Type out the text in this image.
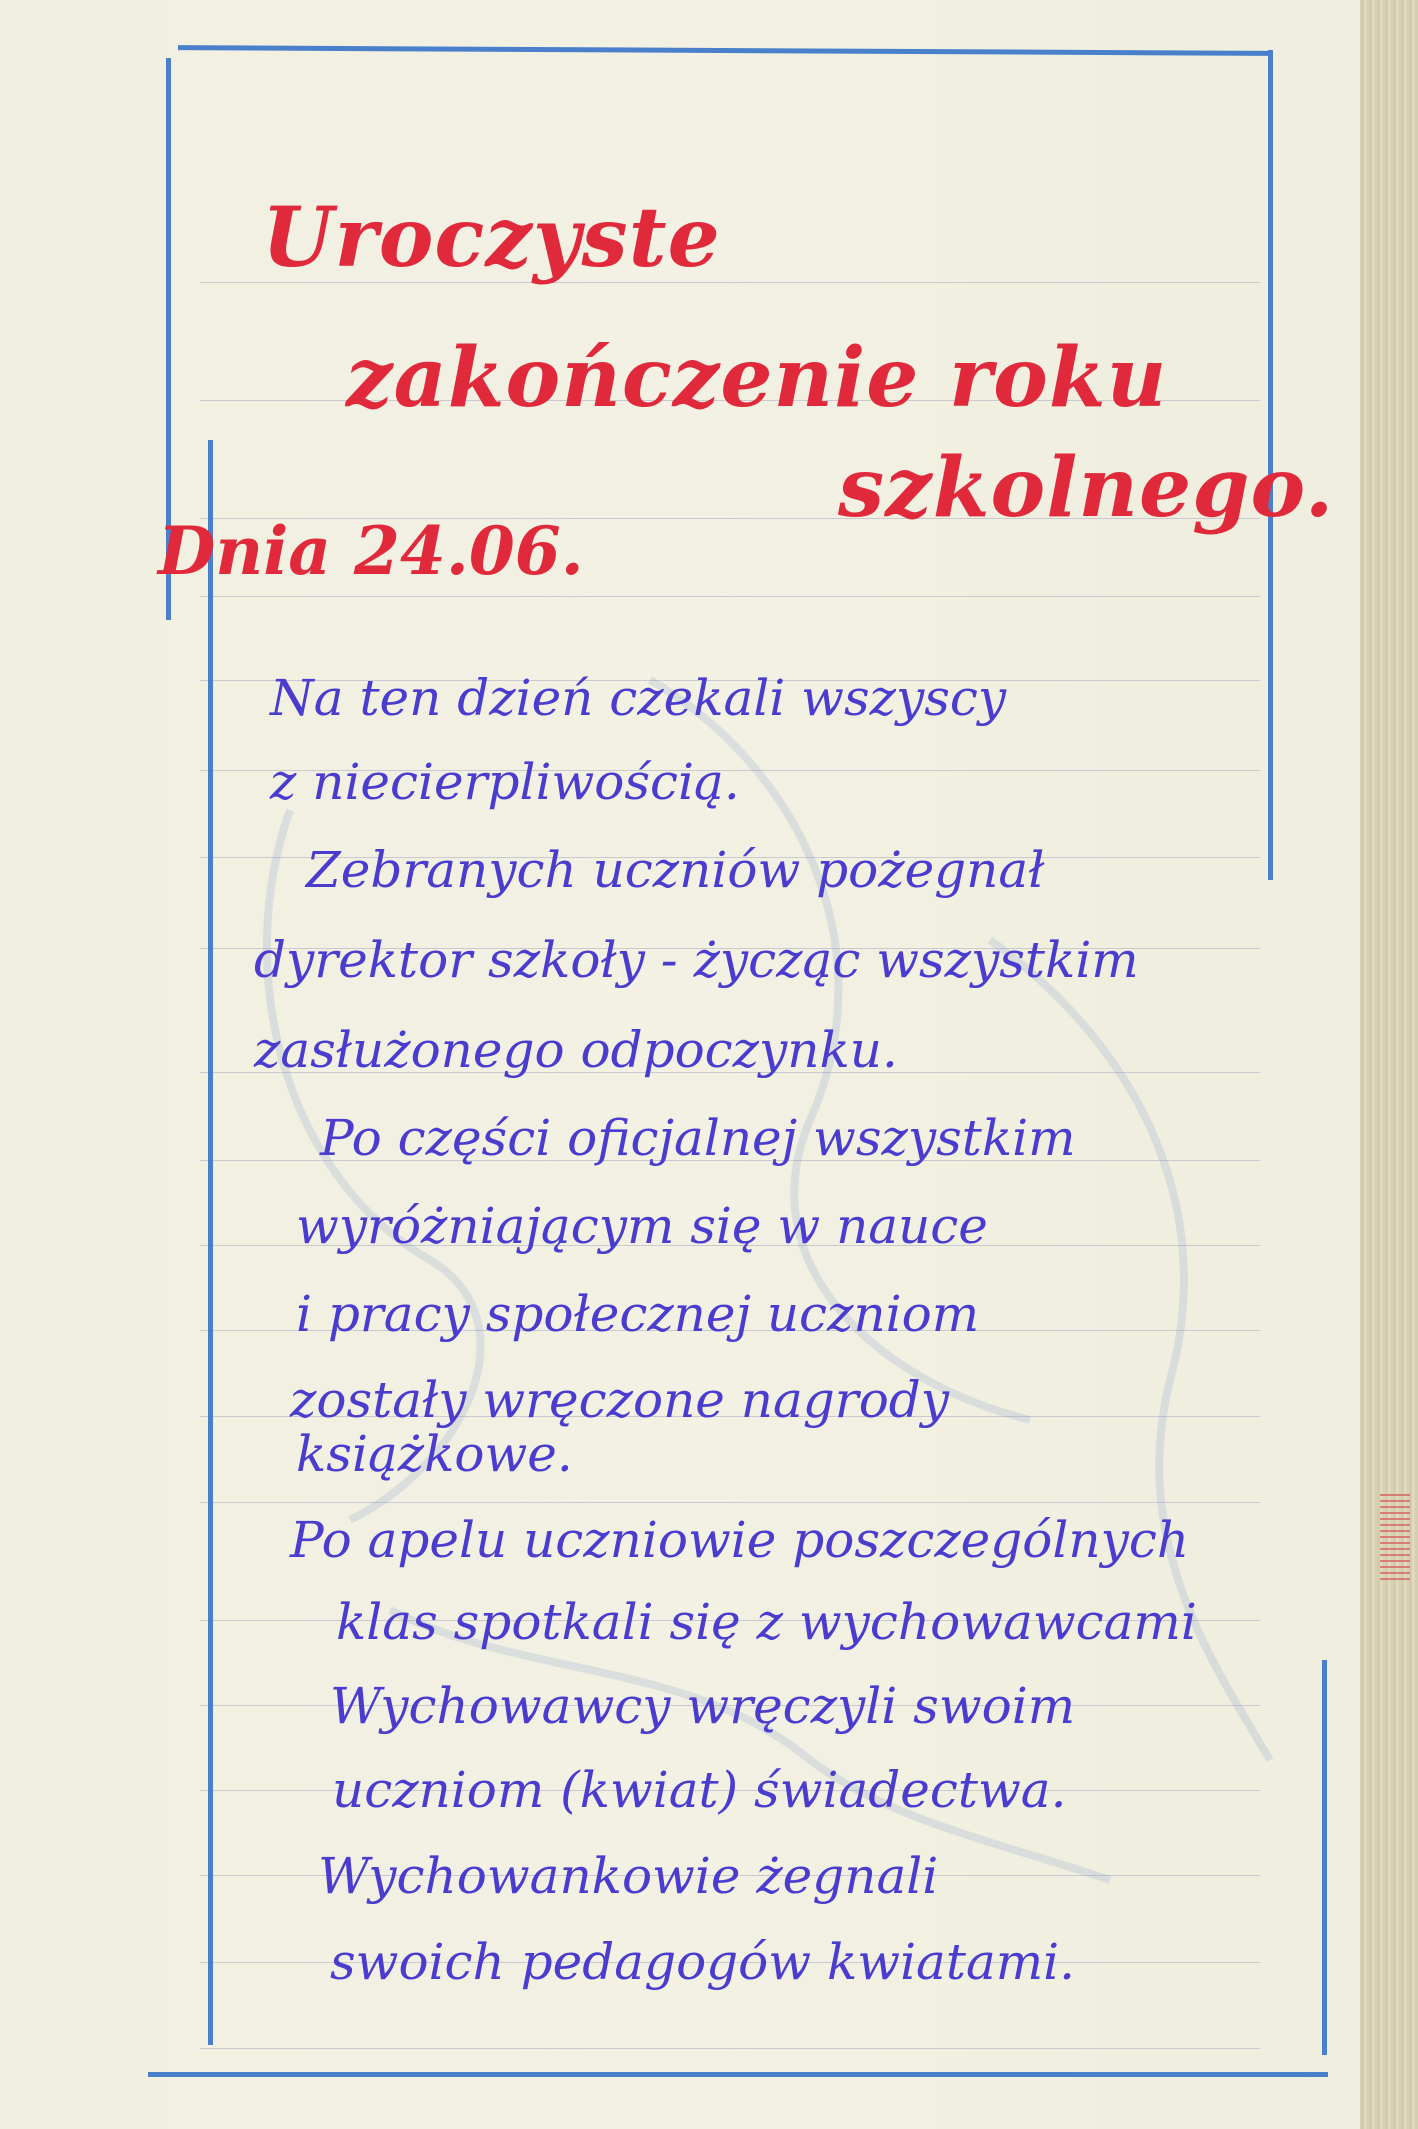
Uroczyste
zakończenie roku
szkolnego.

Dnia 24.06.

Na ten dzień czekali wszyscy

z niecierpliwością.

Zebranych uczniów pożegnał

dyrektor szkoły - życząc wszystkim

zasłużonego odpoczynku.

Po części oficjalnej wszystkim

wyróżniającym się w nauce

i pracy społecznej uczniom

zostały wręczone nagrody

książkowe.

Po apelu uczniowie poszczególnych

klas spotkali się z wychowawcami

Wychowawcy wręczyli swoim

uczniom (kwiat) świadectwa.

Wychowankowie żegnali

swoich pedagogów kwiatami.
